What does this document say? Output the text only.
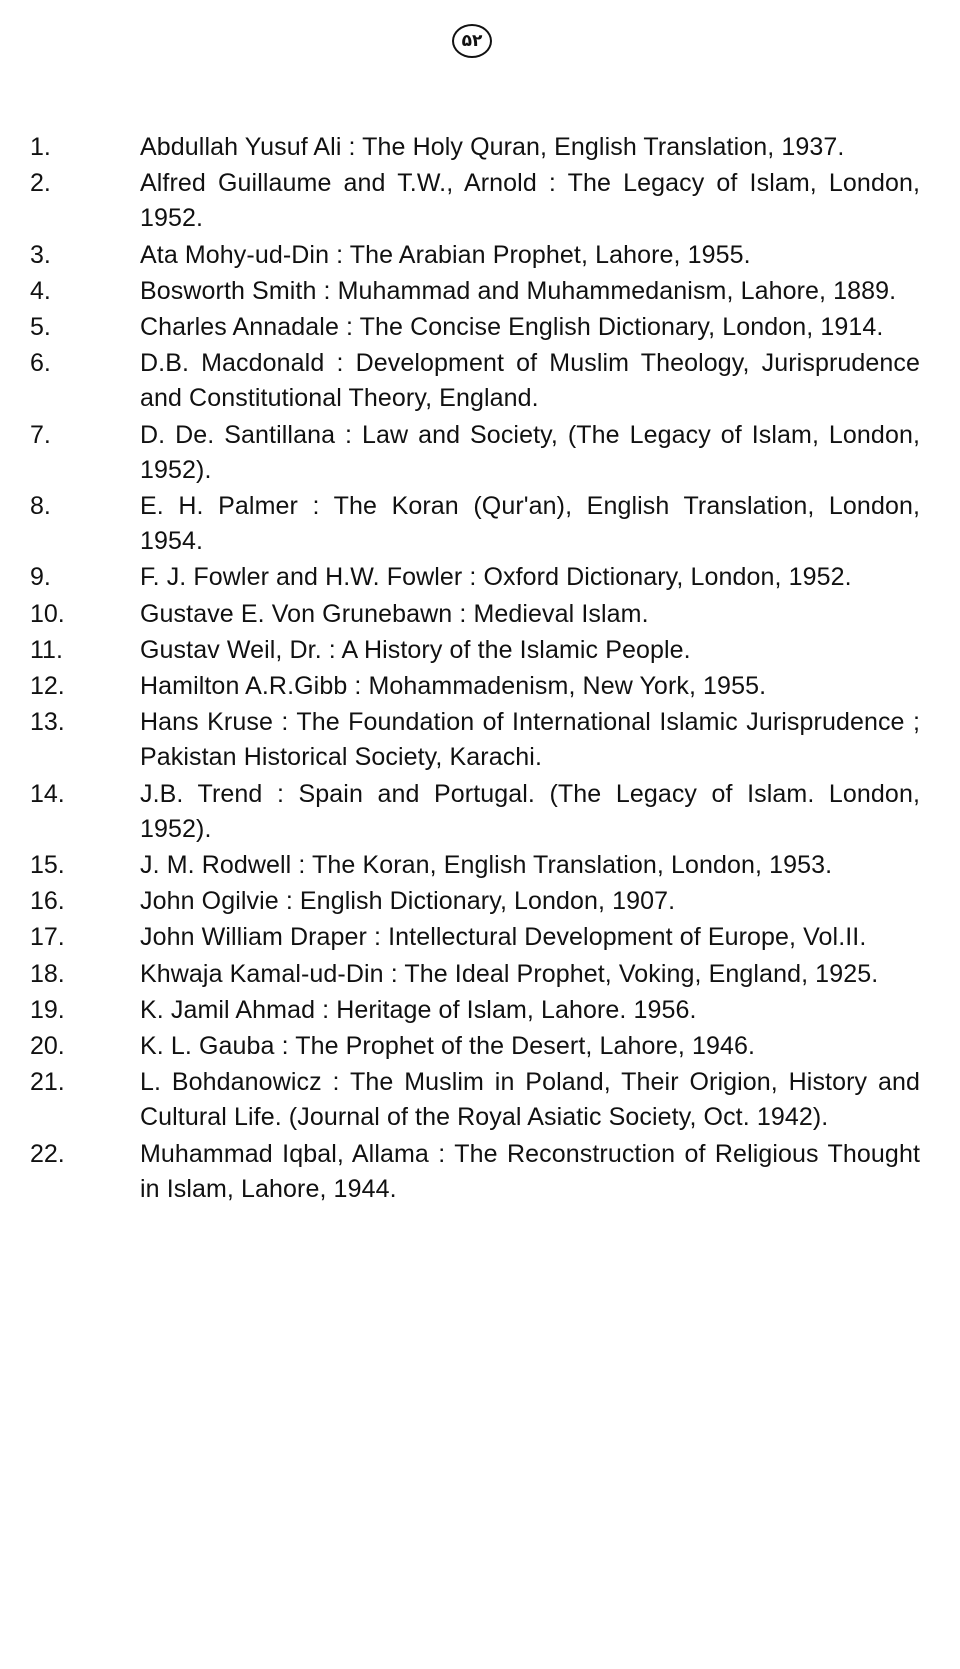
۵۲
1.	Abdullah Yusuf Ali : The Holy Quran, English Translation, 1937.
2.	Alfred Guillaume and T.W., Arnold : The Legacy of Islam, London, 1952.
3.	Ata Mohy-ud-Din : The Arabian Prophet, Lahore, 1955.
4.	Bosworth Smith : Muhammad and Muhammedanism, Lahore, 1889.
5.	Charles Annadale : The Concise English Dictionary, London, 1914.
6.	D.B. Macdonald : Development of Muslim Theology, Jurisprudence and Constitutional Theory, England.
7.	D. De. Santillana : Law and Society, (The Legacy of Islam, London, 1952).
8.	E. H. Palmer : The Koran (Qur'an), English Translation, London, 1954.
9.	F. J. Fowler and H.W. Fowler : Oxford Dictionary, London, 1952.
10.	Gustave E. Von Grunebawn : Medieval Islam.
11.	Gustav Weil, Dr. : A History of the Islamic People.
12.	Hamilton A.R.Gibb : Mohammadenism, New York, 1955.
13.	Hans Kruse : The Foundation of International Islamic Jurisprudence ; Pakistan Historical Society, Karachi.
14.	J.B. Trend : Spain and Portugal. (The Legacy of Islam. London, 1952).
15.	J. M. Rodwell : The Koran, English Translation, London, 1953.
16.	John Ogilvie : English Dictionary, London, 1907.
17.	John William Draper : Intellectural Development of Europe, Vol.II.
18.	Khwaja Kamal-ud-Din : The Ideal Prophet, Voking, England, 1925.
19.	K. Jamil Ahmad : Heritage of Islam, Lahore. 1956.
20.	K. L. Gauba : The Prophet of the Desert, Lahore, 1946.
21.	L. Bohdanowicz : The Muslim in Poland, Their Origion, History and Cultural Life. (Journal of the Royal Asiatic Society, Oct. 1942).
22.	Muhammad Iqbal, Allama : The Reconstruction of Religious Thought in Islam, Lahore, 1944.
